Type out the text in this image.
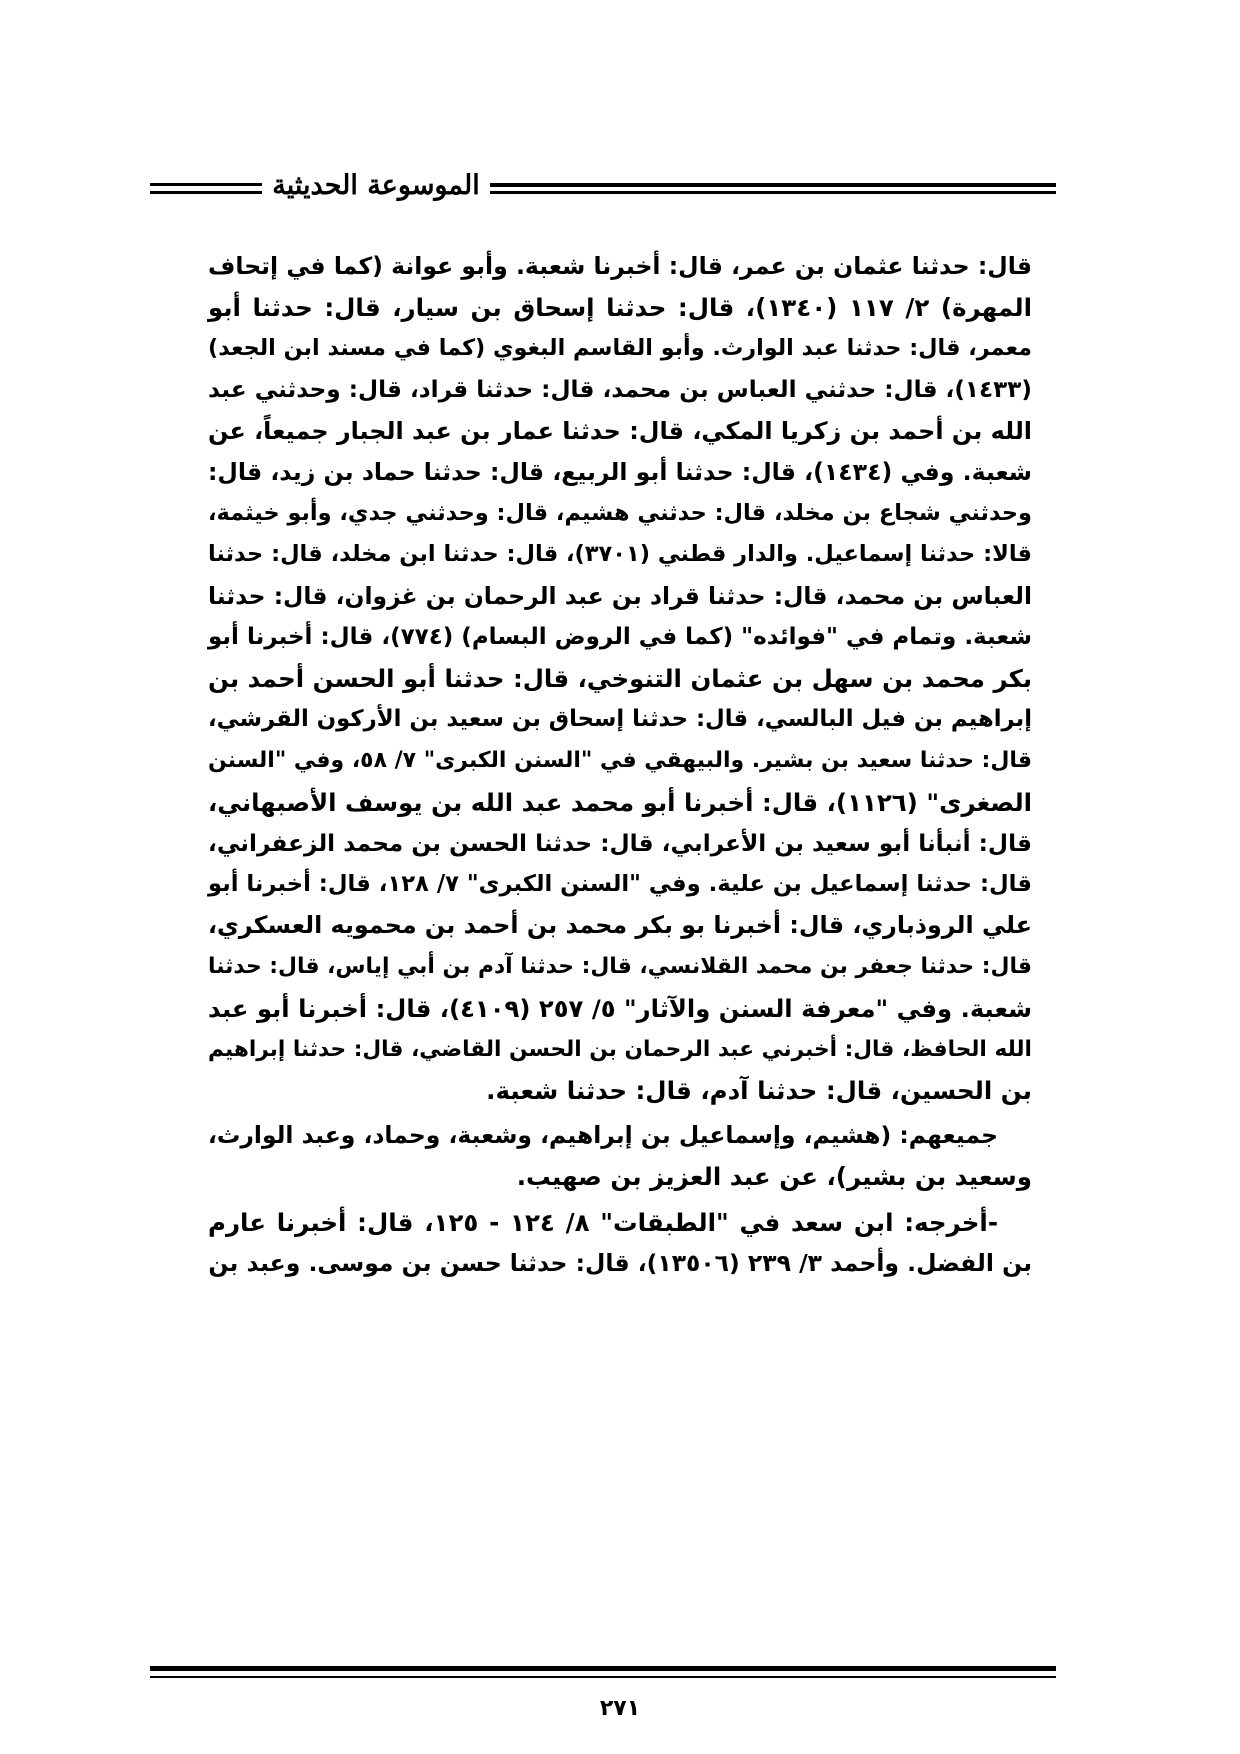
الموسوعة الحديثية

قال: حدثنا عثمان بن عمر، قال: أخبرنا شعبة. وأبو عوانة (كما في إتحاف
المهرة) ٢/ ١١٧ (١٣٤٠)، قال: حدثنا إسحاق بن سيار، قال: حدثنا أبو
معمر، قال: حدثنا عبد الوارث. وأبو القاسم البغوي (كما في مسند ابن الجعد)
(١٤٣٣)، قال: حدثني العباس بن محمد، قال: حدثنا قراد، قال: وحدثني عبد
الله بن أحمد بن زكريا المكي، قال: حدثنا عمار بن عبد الجبار جميعاً، عن
شعبة. وفي (١٤٣٤)، قال: حدثنا أبو الربيع، قال: حدثنا حماد بن زيد، قال:
وحدثني شجاع بن مخلد، قال: حدثني هشيم، قال: وحدثني جدي، وأبو خيثمة،
قالا: حدثنا إسماعيل. والدار قطني (٣٧٠١)، قال: حدثنا ابن مخلد، قال: حدثنا
العباس بن محمد، قال: حدثنا قراد بن عبد الرحمان بن غزوان، قال: حدثنا
شعبة. وتمام في "فوائده" (كما في الروض البسام) (٧٧٤)، قال: أخبرنا أبو
بكر محمد بن سهل بن عثمان التنوخي، قال: حدثنا أبو الحسن أحمد بن
إبراهيم بن فيل البالسي، قال: حدثنا إسحاق بن سعيد بن الأركون القرشي،
قال: حدثنا سعيد بن بشير. والبيهقي في "السنن الكبرى" ٧/ ٥٨، وفي "السنن
الصغرى" (١١٢٦)، قال: أخبرنا أبو محمد عبد الله بن يوسف الأصبهاني،
قال: أنبأنا أبو سعيد بن الأعرابي، قال: حدثنا الحسن بن محمد الزعفراني،
قال: حدثنا إسماعيل بن علية. وفي "السنن الكبرى" ٧/ ١٢٨، قال: أخبرنا أبو
علي الروذباري، قال: أخبرنا بو بكر محمد بن أحمد بن محمويه العسكري،
قال: حدثنا جعفر بن محمد القلانسي، قال: حدثنا آدم بن أبي إياس، قال: حدثنا
شعبة. وفي "معرفة السنن والآثار" ٥/ ٢٥٧ (٤١٠٩)، قال: أخبرنا أبو عبد
الله الحافظ، قال: أخبرني عبد الرحمان بن الحسن القاضي، قال: حدثنا إبراهيم
بن الحسين، قال: حدثنا آدم، قال: حدثنا شعبة.

جميعهم: (هشيم، وإسماعيل بن إبراهيم، وشعبة، وحماد، وعبد الوارث،
وسعيد بن بشير)، عن عبد العزيز بن صهيب.

-أخرجه: ابن سعد في "الطبقات" ٨/ ١٢٤ - ١٢٥، قال: أخبرنا عارم
بن الفضل. وأحمد ٣/ ٢٣٩ (١٣٥٠٦)، قال: حدثنا حسن بن موسى. وعبد بن

٢٧١
